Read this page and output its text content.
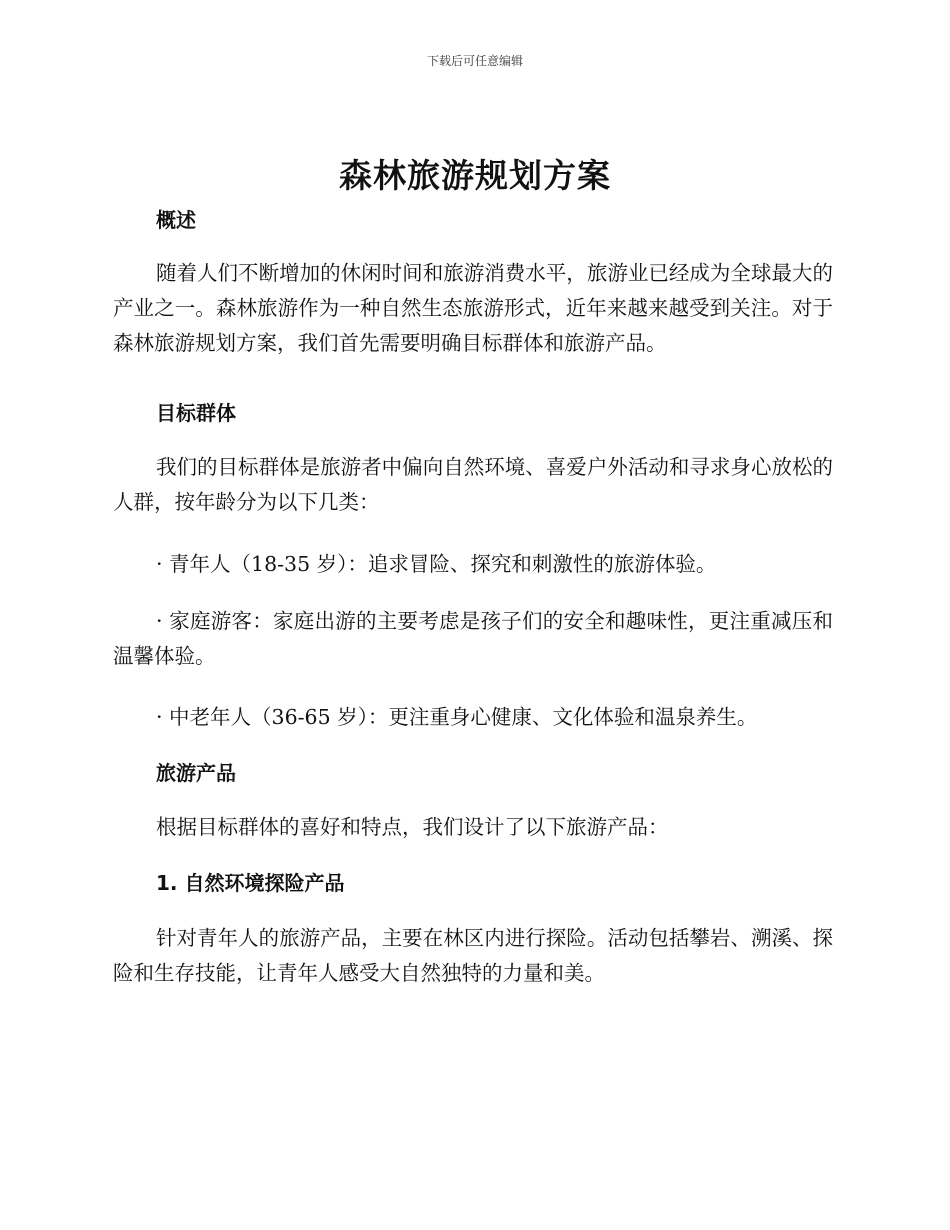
下载后可任意编辑
森林旅游规划方案
概述

随着人们不断增加的休闲时间和旅游消费水平，旅游业已经成为全球最大的产业之一。森林旅游作为一种自然生态旅游形式，近年来越来越受到关注。对于森林旅游规划方案，我们首先需要明确目标群体和旅游产品。

目标群体

我们的目标群体是旅游者中偏向自然环境、喜爱户外活动和寻求身心放松的人群，按年龄分为以下几类：

· 青年人（18-35 岁）：追求冒险、探究和刺激性的旅游体验。

· 家庭游客：家庭出游的主要考虑是孩子们的安全和趣味性，更注重减压和温馨体验。

· 中老年人（36-65 岁）：更注重身心健康、文化体验和温泉养生。

旅游产品

根据目标群体的喜好和特点，我们设计了以下旅游产品：

1. 自然环境探险产品

针对青年人的旅游产品，主要在林区内进行探险。活动包括攀岩、溯溪、探险和生存技能，让青年人感受大自然独特的力量和美。
